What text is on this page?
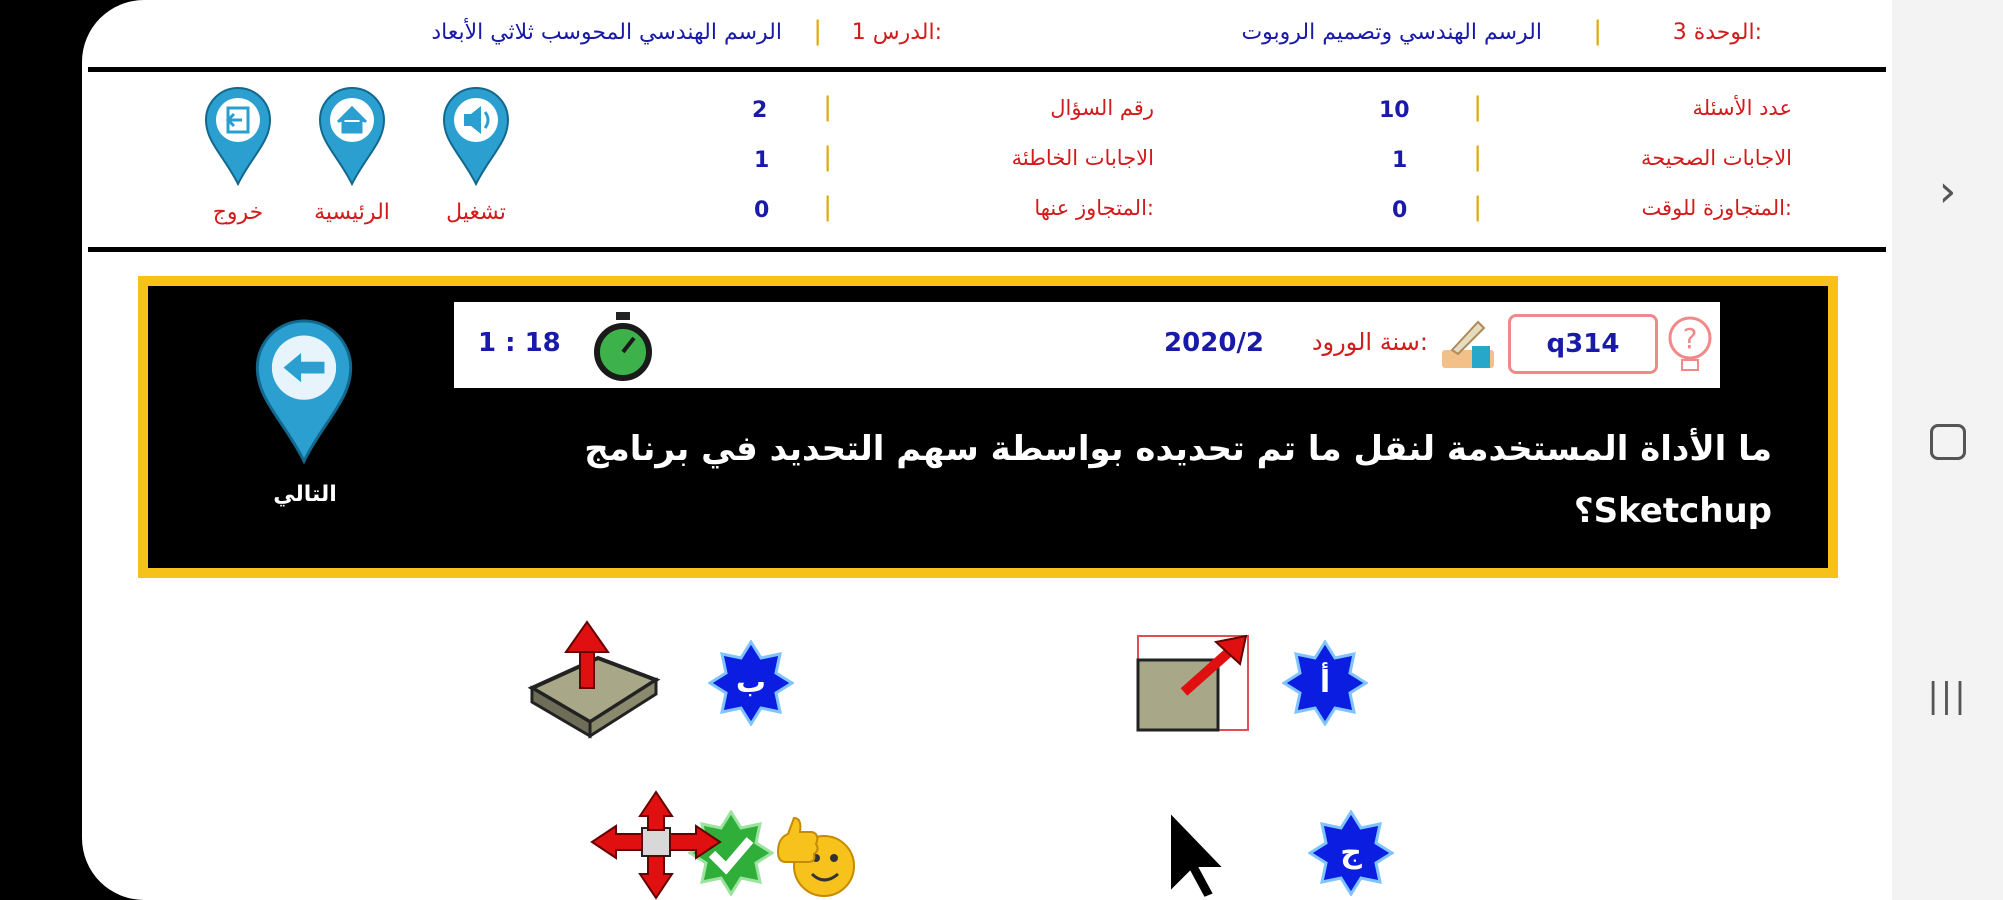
الوحدة 3:
|
الرسم الهندسي وتصميم الروبوت
الدرس 1:
|
الرسم الهندسي المحوسب ثلاثي الأبعاد
عدد الأسئلة
|
10
الاجابات الصحيحة
|
1
المتجاوزة للوقت:
|
0
رقم السؤال
|
2
الاجابات الخاطئة
|
1
المتجاوز عنها:
|
0
تشغيل
الرئيسية
خروج
?
q314
سنة الورود:
2020/2
1 : 18
ما الأداة المستخدمة لنقل ما تم تحديده بواسطة سهم التحديد في برنامج Sketchup؟
التالي
أ
ب
ج
›
|||
